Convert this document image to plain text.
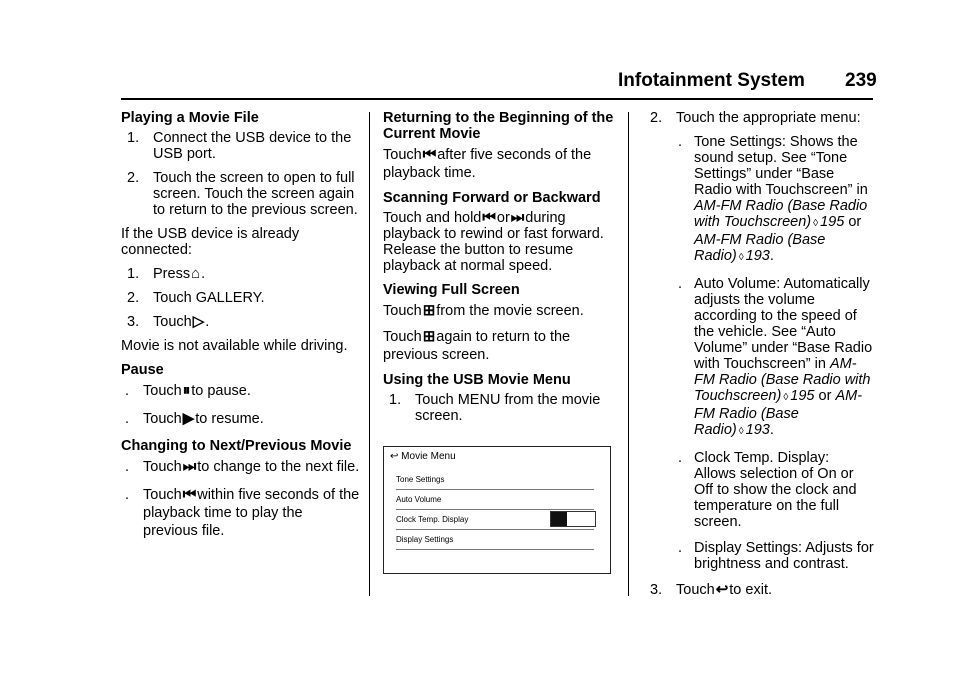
Infotainment System 239
Playing a Movie File
1. Connect the USB device to the USB port.
2. Touch the screen to open to full screen. Touch the screen again to return to the previous screen.
If the USB device is already connected:
1. Press⌂.
2. Touch GALLERY.
3. Touch▷.
Movie is not available while driving.
Pause
. Touch⏸to pause.
. Touch▶to resume.
Changing to Next/Previous Movie
. Touch⏭to change to the next file.
. Touch⏮within five seconds of the playback time to play the previous file.
Returning to the Beginning of the Current Movie
Touch⏮after five seconds of the playback time.
Scanning Forward or Backward
Touch and hold⏮or⏭during playback to rewind or fast forward. Release the button to resume playback at normal speed.
Viewing Full Screen
Touch⊞from the movie screen.
Touch⊞again to return to the previous screen.
Using the USB Movie Menu
1. Touch MENU from the movie screen.
↩ Movie Menu
Tone Settings
Auto Volume
Clock Temp. Display
Display Settings
2. Touch the appropriate menu:
. Tone Settings: Shows the sound setup. See “Tone Settings” under “Base Radio with Touchscreen” in AM-FM Radio (Base Radio with Touchscreen) ◊ 195 or AM-FM Radio (Base Radio) ◊ 193.
. Auto Volume: Automatically adjusts the volume according to the speed of the vehicle. See “Auto Volume” under “Base Radio with Touchscreen” in AM-FM Radio (Base Radio with Touchscreen) ◊ 195 or AM-FM Radio (Base Radio) ◊ 193.
. Clock Temp. Display: Allows selection of On or Off to show the clock and temperature on the full screen.
. Display Settings: Adjusts for brightness and contrast.
3. Touch↩to exit.
